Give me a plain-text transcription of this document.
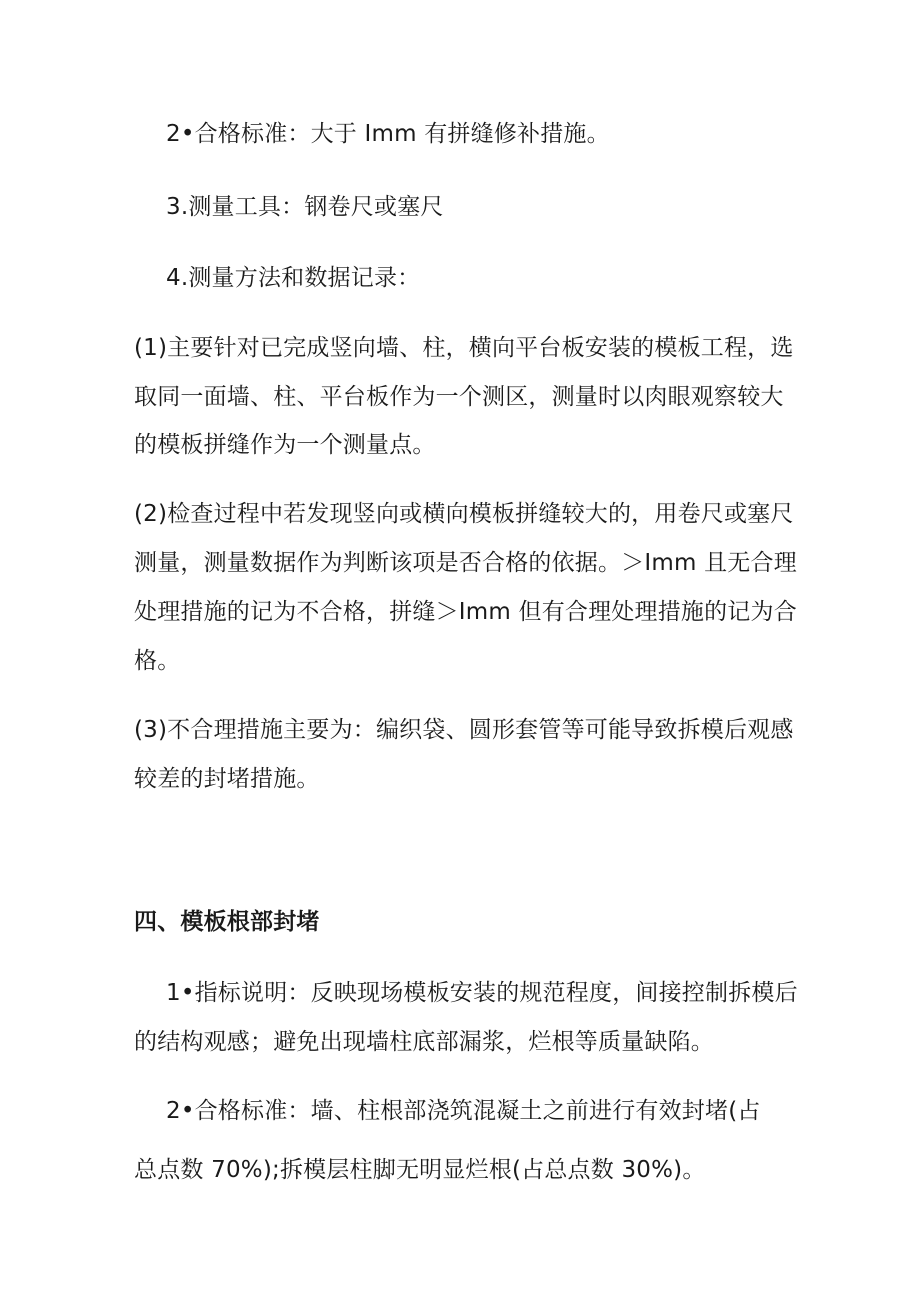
2•合格标准：大于 Imm 有拼缝修补措施。
3.测量工具：钢卷尺或塞尺
4.测量方法和数据记录：
(1)主要针对已完成竖向墙、柱，横向平台板安装的模板工程，选
取同一面墙、柱、平台板作为一个测区，测量时以肉眼观察较大
的模板拼缝作为一个测量点。
(2)检查过程中若发现竖向或横向模板拼缝较大的，用卷尺或塞尺
测量，测量数据作为判断该项是否合格的依据。＞Imm 且无合理
处理措施的记为不合格，拼缝＞Imm 但有合理处理措施的记为合
格。
(3)不合理措施主要为：编织袋、圆形套管等可能导致拆模后观感
较差的封堵措施。
四、模板根部封堵
1•指标说明：反映现场模板安装的规范程度，间接控制拆模后
的结构观感；避免出现墙柱底部漏浆，烂根等质量缺陷。
2•合格标准：墙、柱根部浇筑混凝土之前进行有效封堵(占
总点数 70%);拆模层柱脚无明显烂根(占总点数 30%)。
